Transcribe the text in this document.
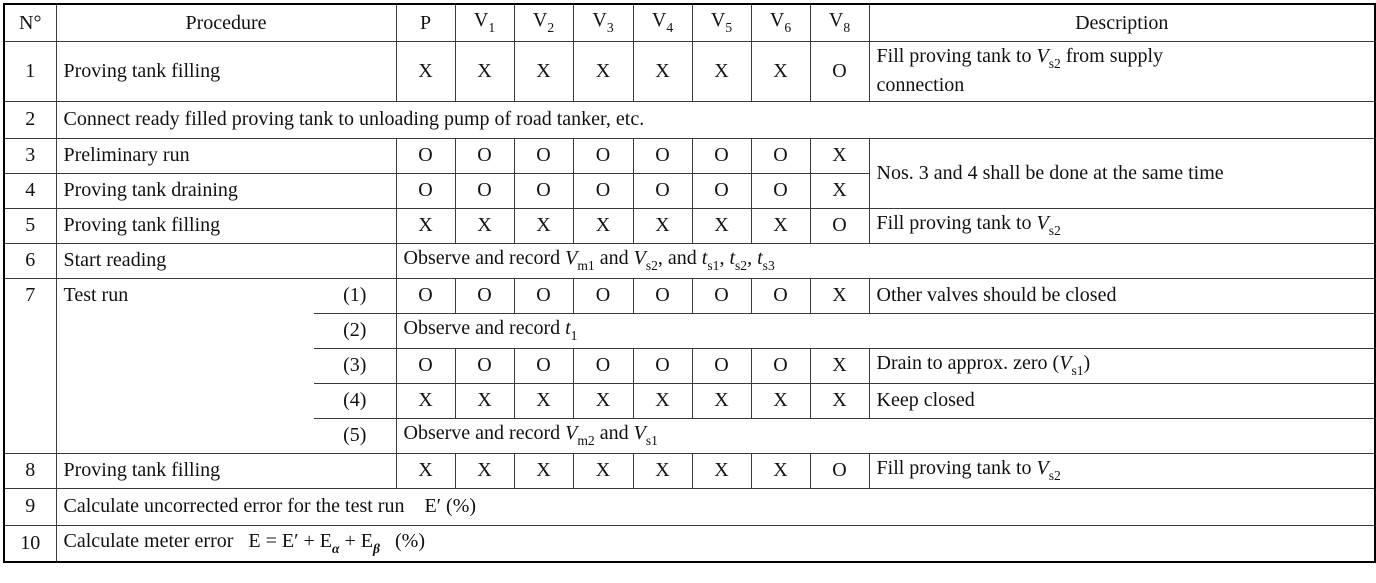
N°	Procedure		P	$V_1$	$V_2$	$V_3$	$V_4$	$V_5$	$V_6$	$V_8$	Description
1	Proving tank filling		X	X	X	X	X	X	X	O	Fill proving tank to $V_{s2}$ from supply
connection
2	Connect ready filled proving tank to unloading pump of road tanker, etc.										
3	Preliminary run		O	O	O	O	O	O	O	X	Nos. 3 and 4 shall be done at the same time
4	Proving tank draining		O	O	O	O	O	O	O	X	
5	Proving tank filling		X	X	X	X	X	X	X	O	Fill proving tank to $V_{s2}$
6	Start reading		Observe and record $V_{m1}$ and $V_{s2}$, and $t_{s1}$, $t_{s2}$, $t_{s3}$
7	Test run	(1)	O	O	O	O	O	O	O	X	Other valves should be closed
		(2)	Observe and record $t_1$
		(3)	O	O	O	O	O	O	O	X	Drain to approx. zero $(V_{s1})$
		(4)	X	X	X	X	X	X	X	X	Keep closed
		(5)	Observe and record $V_{m2}$ and $V_{s1}$
8	Proving tank filling		X	X	X	X	X	X	X	O	Fill proving tank to $V_{s2}$
9	Calculate uncorrected error for the test run    E′ (%)										
10	Calculate meter error   $E = E' + E_\alpha + E_\beta$   (%)										
